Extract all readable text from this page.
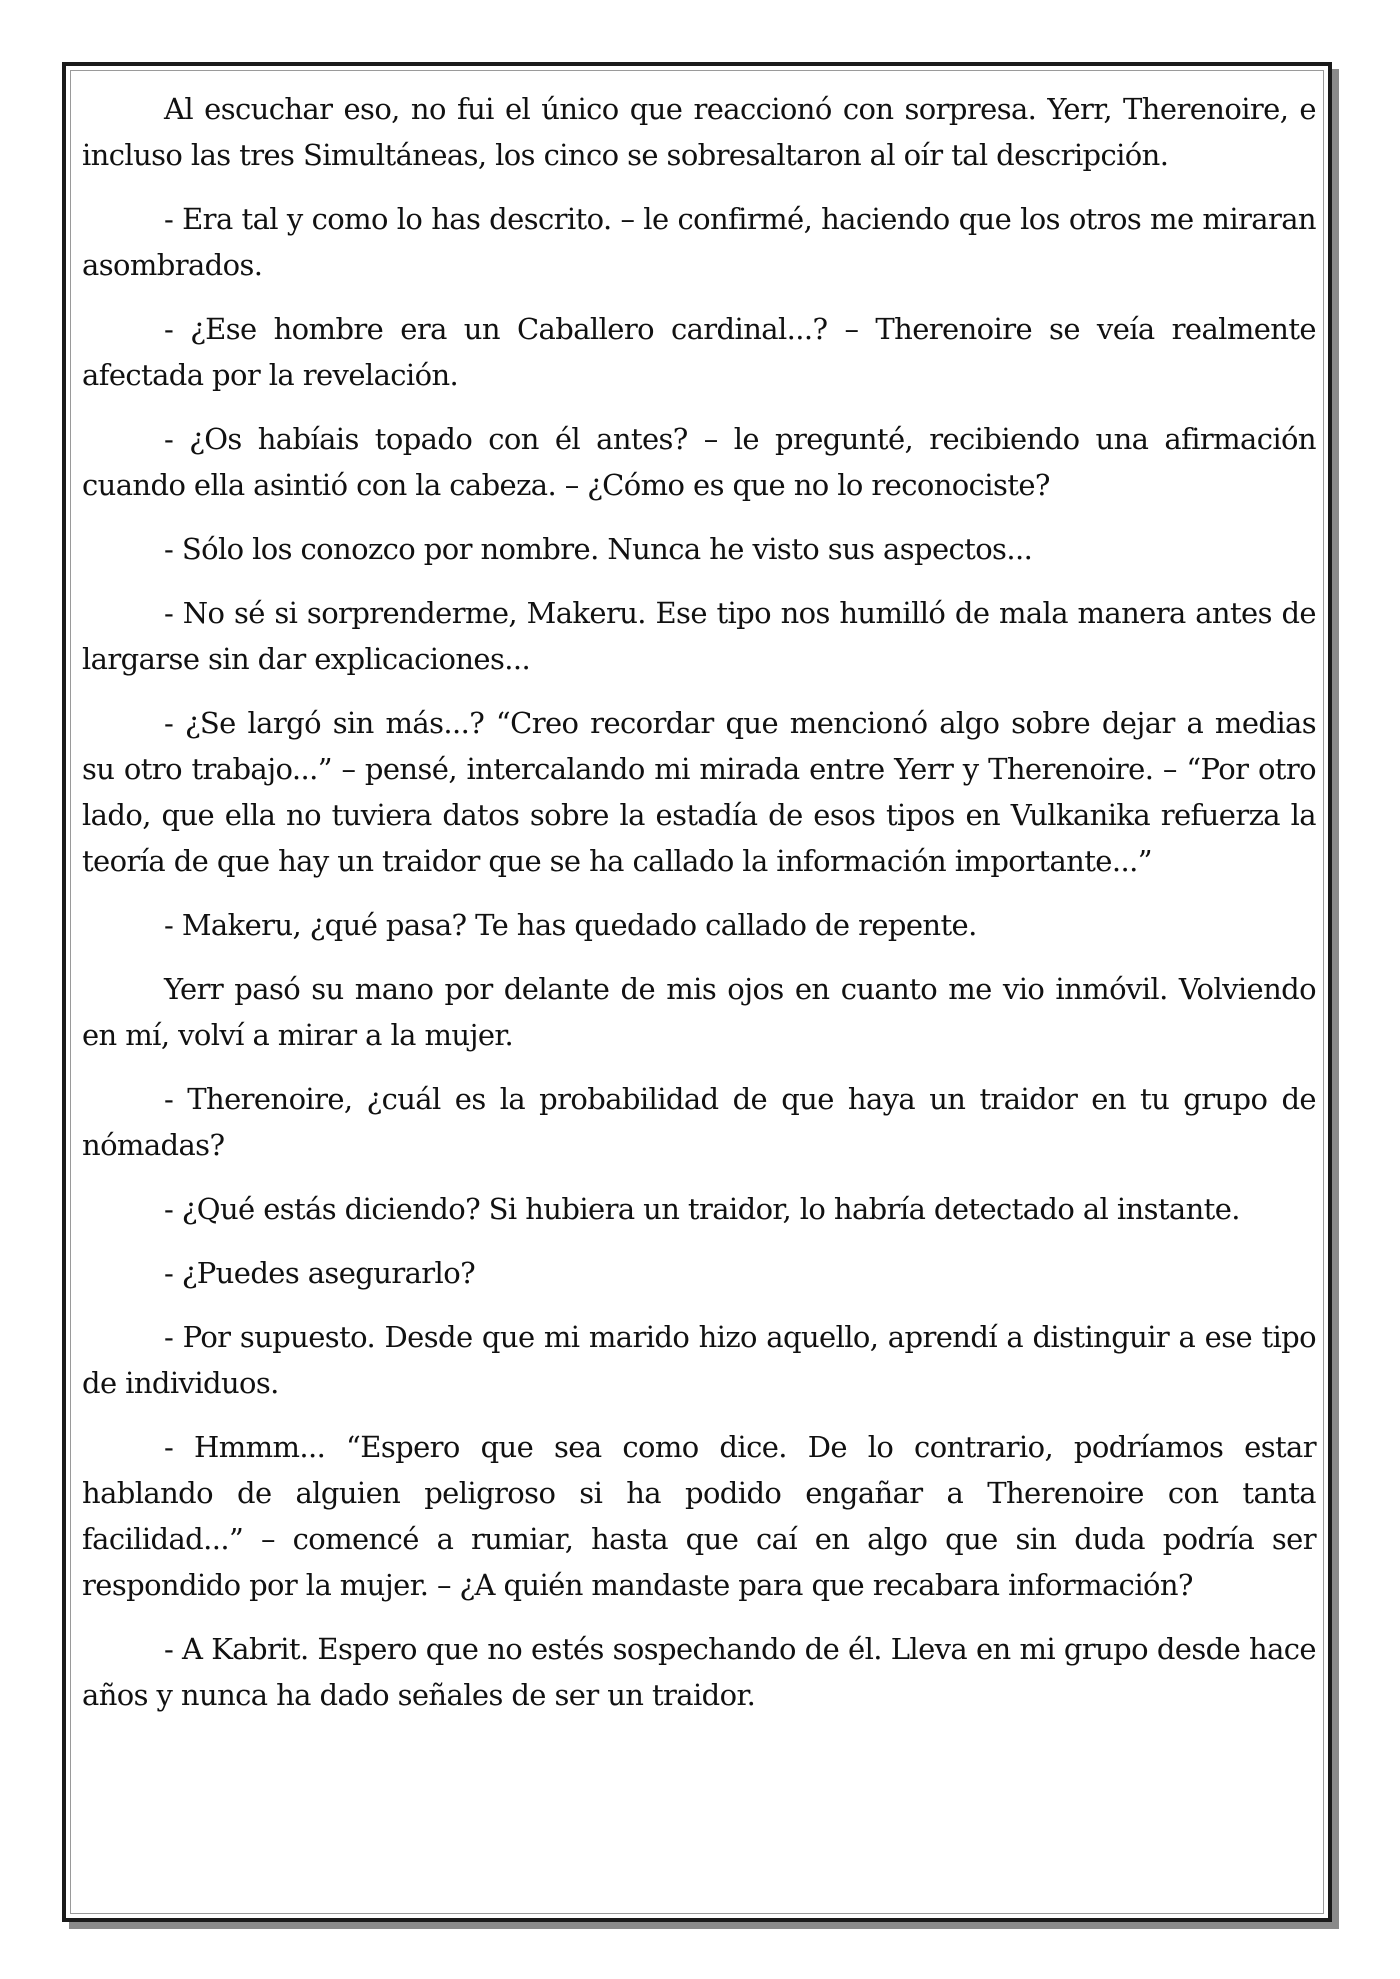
Al escuchar eso, no fui el único que reaccionó con sorpresa. Yerr, Therenoire, e incluso las tres Simultáneas, los cinco se sobresaltaron al oír tal descripción.

- Era tal y como lo has descrito. – le confirmé, haciendo que los otros me miraran asombrados.

- ¿Ese hombre era un Caballero cardinal...? – Therenoire se veía realmente afectada por la revelación.

- ¿Os habíais topado con él antes? – le pregunté, recibiendo una afirmación cuando ella asintió con la cabeza. – ¿Cómo es que no lo reconociste?

- Sólo los conozco por nombre. Nunca he visto sus aspectos...

- No sé si sorprenderme, Makeru. Ese tipo nos humilló de mala manera antes de largarse sin dar explicaciones...

- ¿Se largó sin más...? “Creo recordar que mencionó algo sobre dejar a medias su otro trabajo...” – pensé, intercalando mi mirada entre Yerr y Therenoire. – “Por otro lado, que ella no tuviera datos sobre la estadía de esos tipos en Vulkanika refuerza la teoría de que hay un traidor que se ha callado la información importante...”

- Makeru, ¿qué pasa? Te has quedado callado de repente.

Yerr pasó su mano por delante de mis ojos en cuanto me vio inmóvil. Volviendo en mí, volví a mirar a la mujer.

- Therenoire, ¿cuál es la probabilidad de que haya un traidor en tu grupo de nómadas?

- ¿Qué estás diciendo? Si hubiera un traidor, lo habría detectado al instante.

- ¿Puedes asegurarlo?

- Por supuesto. Desde que mi marido hizo aquello, aprendí a distinguir a ese tipo de individuos.

- Hmmm... “Espero que sea como dice. De lo contrario, podríamos estar hablando de alguien peligroso si ha podido engañar a Therenoire con tanta facilidad...” – comencé a rumiar, hasta que caí en algo que sin duda podría ser respondido por la mujer. – ¿A quién mandaste para que recabara información?

- A Kabrit. Espero que no estés sospechando de él. Lleva en mi grupo desde hace años y nunca ha dado señales de ser un traidor.
